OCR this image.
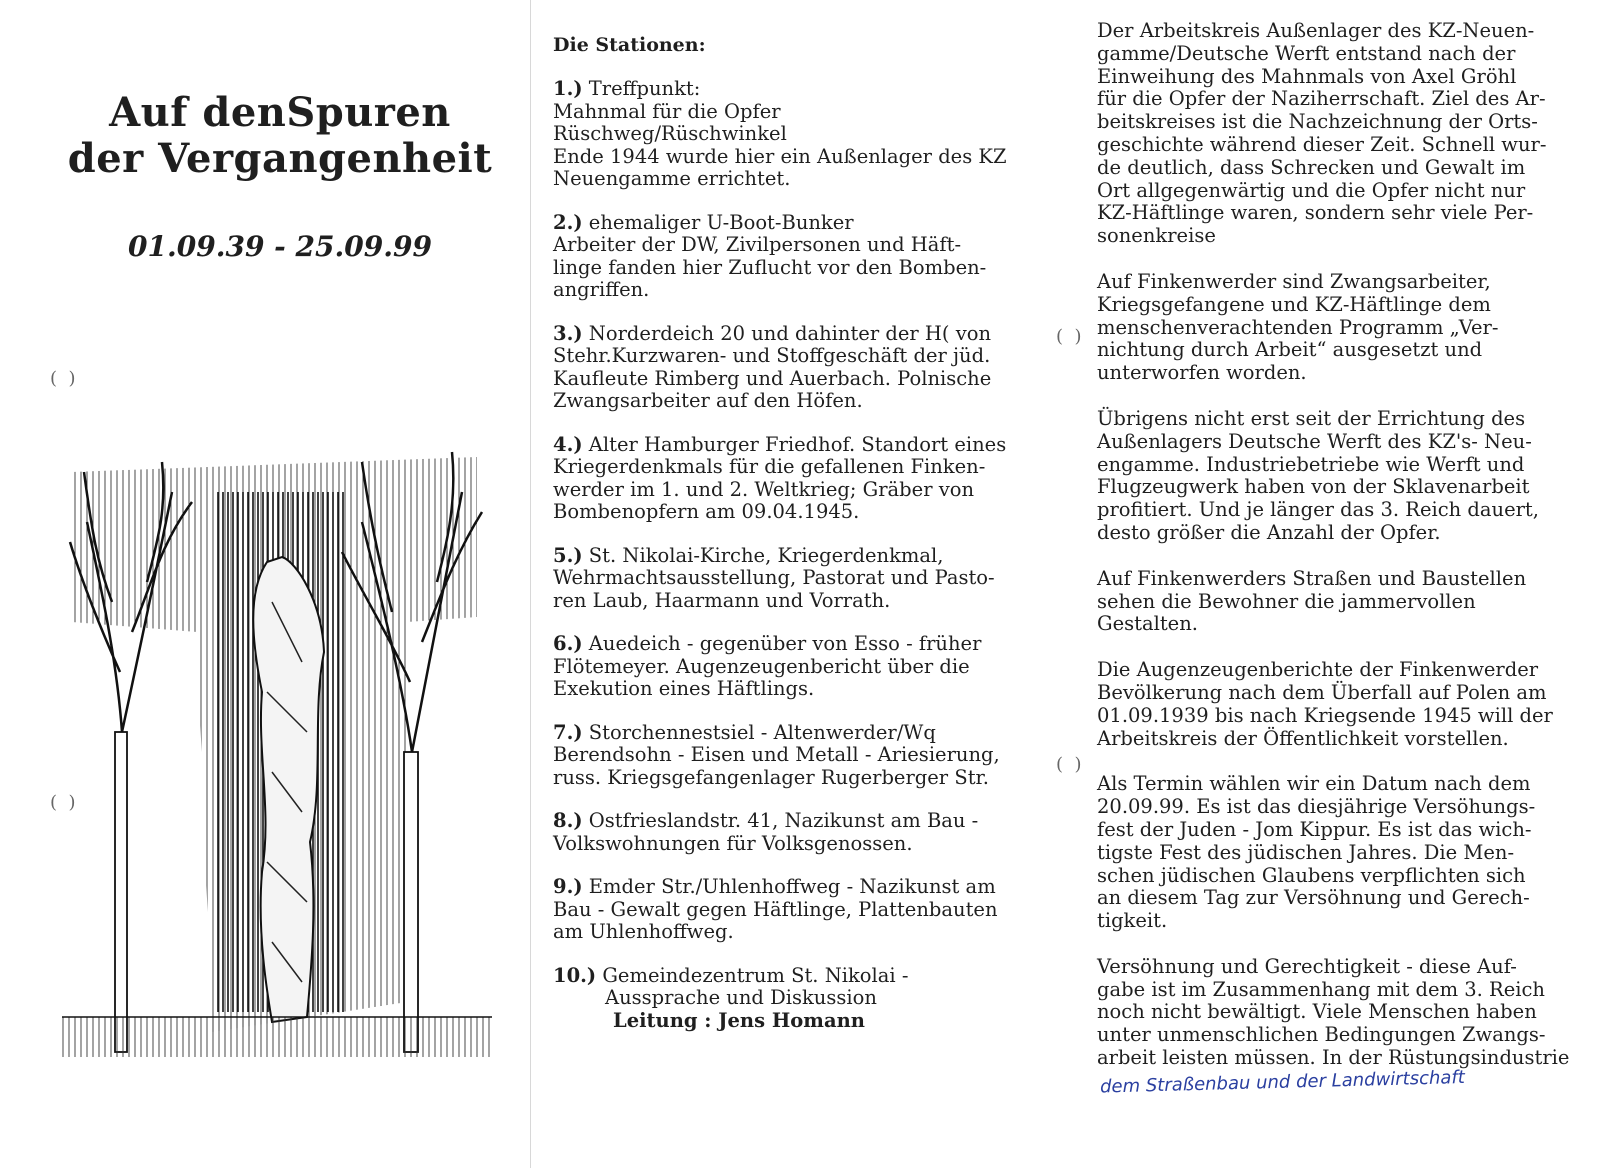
Auf denSpuren
der Vergangenheit
01.09.39 - 25.09.99
(  )
(  )
Die Stationen:
1.) Treffpunkt:
Mahnmal für die Opfer
Rüschweg/Rüschwinkel
Ende 1944 wurde hier ein Außenlager des KZ
Neuengamme errichtet.
2.) ehemaliger U-Boot-Bunker
Arbeiter der DW, Zivilpersonen und Häft-
linge fanden hier Zuflucht vor den Bomben-
angriffen.
3.) Norderdeich 20 und dahinter der H( von
Stehr.Kurzwaren- und Stoffgeschäft der jüd.
Kaufleute Rimberg und Auerbach. Polnische
Zwangsarbeiter auf den Höfen.
4.) Alter Hamburger Friedhof. Standort eines
Kriegerdenkmals für die gefallenen Finken-
werder im 1. und 2. Weltkrieg; Gräber von
Bombenopfern am 09.04.1945.
5.) St. Nikolai-Kirche, Kriegerdenkmal,
Wehrmachtsausstellung, Pastorat und Pasto-
ren Laub, Haarmann und Vorrath.
6.) Auedeich - gegenüber von Esso - früher
Flötemeyer. Augenzeugenbericht über die
Exekution eines Häftlings.
7.) Storchennestsiel - Altenwerder/Wq
Berendsohn - Eisen und Metall - Ariesierung,
russ. Kriegsgefangenlager Rugerberger Str.
8.) Ostfrieslandstr. 41, Nazikunst am Bau -
Volkswohnungen für Volksgenossen.
9.) Emder Str./Uhlenhoffweg - Nazikunst am
Bau - Gewalt gegen Häftlinge, Plattenbauten
am Uhlenhoffweg.
10.) Gemeindezentrum St. Nikolai -
Aussprache und Diskussion
Leitung : Jens Homann
(  )
(  )

Der Arbeitskreis Außenlager des KZ-Neuen-
gamme/Deutsche Werft entstand nach der
Einweihung des Mahnmals von Axel Gröhl
für die Opfer der Naziherrschaft. Ziel des Ar-
beitskreises ist die Nachzeichnung der Orts-
geschichte während dieser Zeit. Schnell wur-
de deutlich, dass Schrecken und Gewalt im
Ort allgegenwärtig und die Opfer nicht nur
KZ-Häftlinge waren, sondern sehr viele Per-
sonenkreise

Auf Finkenwerder sind Zwangsarbeiter,
Kriegsgefangene und KZ-Häftlinge dem
menschenverachtenden Programm „Ver-
nichtung durch Arbeit“ ausgesetzt und
unterworfen worden.

Übrigens nicht erst seit der Errichtung des
Außenlagers Deutsche Werft des KZ's- Neu-
engamme. Industriebetriebe wie Werft und
Flugzeugwerk haben von der Sklavenarbeit
profitiert. Und je länger das 3. Reich dauert,
desto größer die Anzahl der Opfer.

Auf Finkenwerders Straßen und Baustellen
sehen die Bewohner die jammervollen
Gestalten.

Die Augenzeugenberichte der Finkenwerder
Bevölkerung nach dem Überfall auf Polen am
01.09.1939 bis nach Kriegsende 1945 will der
Arbeitskreis der Öffentlichkeit vorstellen.

Als Termin wählen wir ein Datum nach dem
20.09.99. Es ist das diesjährige Versöhungs-
fest der Juden - Jom Kippur. Es ist das wich-
tigste Fest des jüdischen Jahres. Die Men-
schen jüdischen Glaubens verpflichten sich
an diesem Tag zur Versöhnung und Gerech-
tigkeit.

Versöhnung und Gerechtigkeit - diese Auf-
gabe ist im Zusammenhang mit dem 3. Reich
noch nicht bewältigt. Viele Menschen haben
unter unmenschlichen Bedingungen Zwangs-
arbeit leisten müssen. In der Rüstungsindustrie

dem Straßenbau und der Landwirtschaft
